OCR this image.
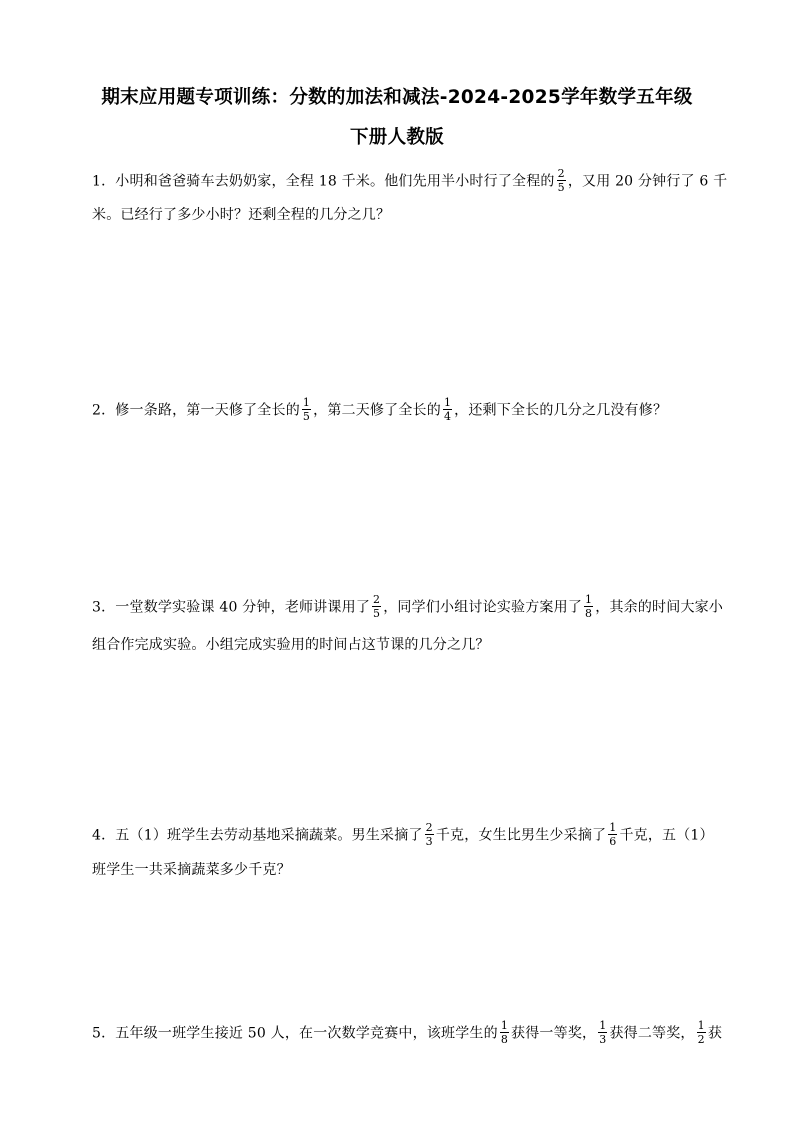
期末应用题专项训练：分数的加法和减法-2024-2025学年数学五年级
下册人教版
1．小明和爸爸骑车去奶奶家，全程 18 千米。他们先用半小时行了全程的 $\frac{2}{5}$ ，又用 20 分钟行了 6 千
米。已经行了多少小时？还剩全程的几分之几？
2．修一条路，第一天修了全长的 $\frac{1}{5}$ ，第二天修了全长的 $\frac{1}{4}$ ，还剩下全长的几分之几没有修？
3．一堂数学实验课 40 分钟，老师讲课用了 $\frac{2}{5}$ ，同学们小组讨论实验方案用了 $\frac{1}{8}$ ，其余的时间大家小
组合作完成实验。小组完成实验用的时间占这节课的几分之几？
4．五（1）班学生去劳动基地采摘蔬菜。男生采摘了 $\frac{2}{3}$ 千克，女生比男生少采摘了 $\frac{1}{6}$ 千克，五（1）
班学生一共采摘蔬菜多少千克？
5．五年级一班学生接近 50 人，在一次数学竞赛中，该班学生的 $\frac{1}{8}$ 获得一等奖， $\frac{1}{3}$ 获得二等奖， $\frac{1}{2}$ 获
